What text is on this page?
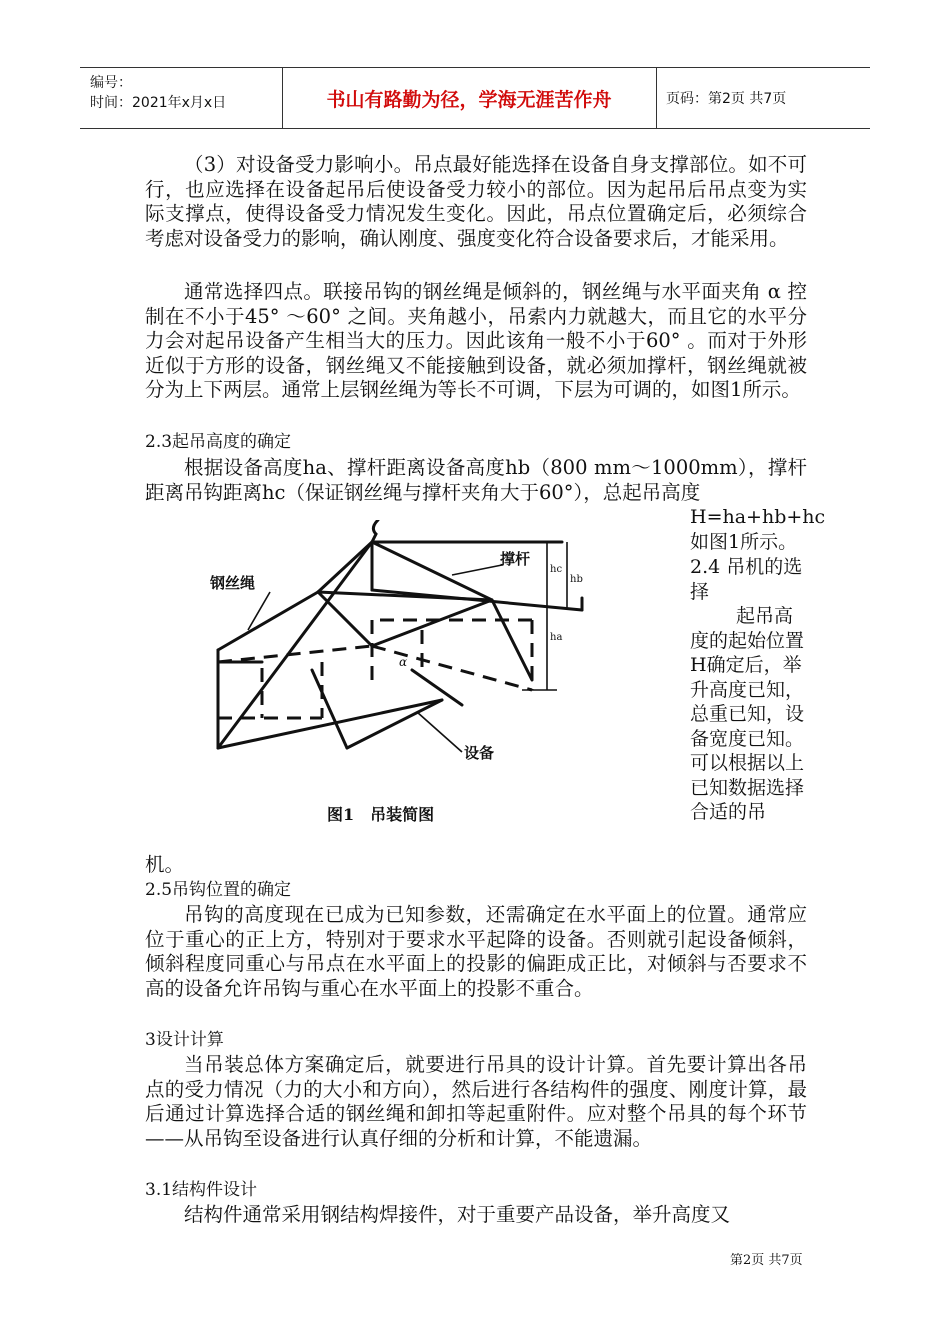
编号：
时间：2021年x月x日	书山有路勤为径，学海无涯苦作舟	页码：第2页 共7页

（3）对设备受力影响小。吊点最好能选择在设备自身支撑部位。如不可行，也应选择在设备起吊后使设备受力较小的部位。因为起吊后吊点变为实际支撑点，使得设备受力情况发生变化。因此，吊点位置确定后，必须综合考虑对设备受力的影响，确认刚度、强度变化符合设备要求后，才能采用。

通常选择四点。联接吊钩的钢丝绳是倾斜的，钢丝绳与水平面夹角 α 控制在不小于45° ～60° 之间。夹角越小，吊索内力就越大，而且它的水平分力会对起吊设备产生相当大的压力。因此该角一般不小于60° 。而对于外形近似于方形的设备，钢丝绳又不能接触到设备，就必须加撑杆，钢丝绳就被分为上下两层。通常上层钢丝绳为等长不可调，下层为可调的，如图1所示。

2.3起吊高度的确定

根据设备高度ha、撑杆距离设备高度hb（800 mm～1000mm），撑杆距离吊钩距离hc（保证钢丝绳与撑杆夹角大于60°），总起吊高度

H=ha+hb+hc如图1所示。

2.4 吊机的选择

起吊高度的起始位置H确定后，举升高度已知，总重已知，设备宽度已知。可以根据以上已知数据选择合适的吊

钢丝绳
撑杆
设备
α
hc
hb
ha
图1　吊装简图

机。

2.5吊钩位置的确定

吊钩的高度现在已成为已知参数，还需确定在水平面上的位置。通常应位于重心的正上方，特别对于要求水平起降的设备。否则就引起设备倾斜，倾斜程度同重心与吊点在水平面上的投影的偏距成正比，对倾斜与否要求不高的设备允许吊钩与重心在水平面上的投影不重合。

3设计计算

当吊装总体方案确定后，就要进行吊具的设计计算。首先要计算出各吊点的受力情况（力的大小和方向），然后进行各结构件的强度、刚度计算，最后通过计算选择合适的钢丝绳和卸扣等起重附件。应对整个吊具的每个环节——从吊钩至设备进行认真仔细的分析和计算，不能遗漏。

3.1结构件设计

结构件通常采用钢结构焊接件，对于重要产品设备，举升高度又

第2页 共7页
